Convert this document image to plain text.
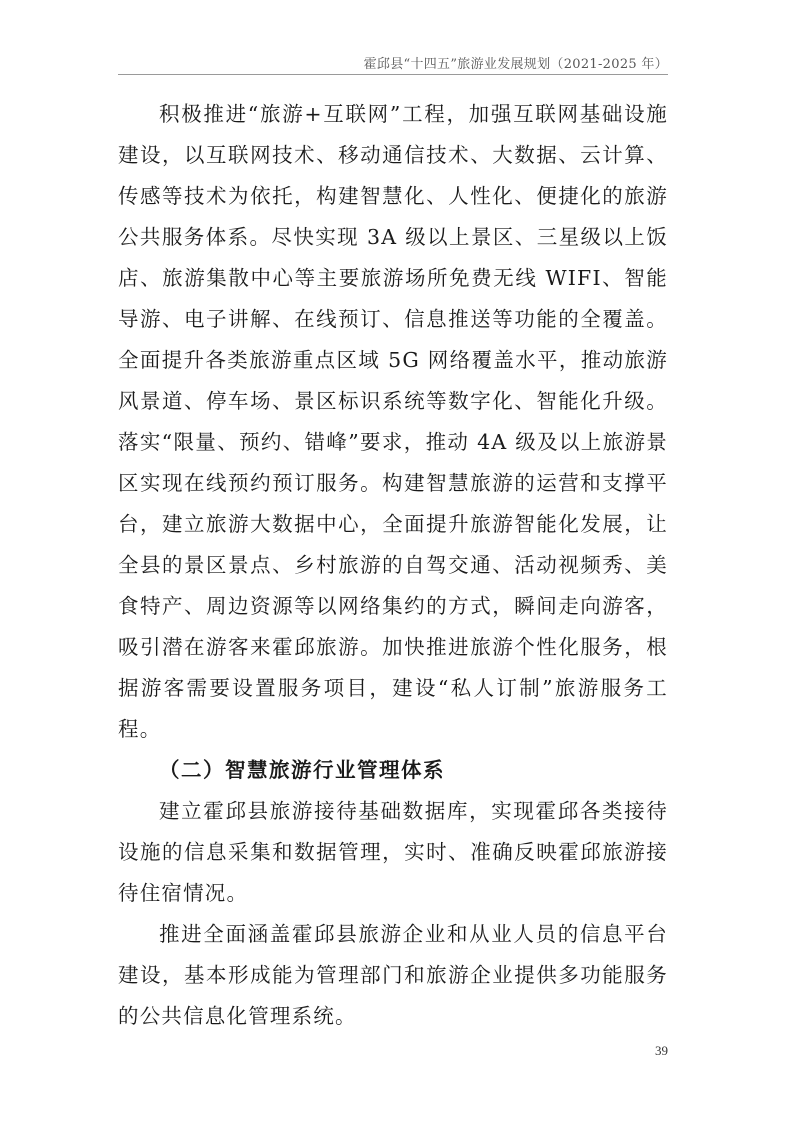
霍邱县“十四五”旅游业发展规划（2021-2025 年）

积极推进“旅游+互联网”工程，加强互联网基础设施建设，以互联网技术、移动通信技术、大数据、云计算、传感等技术为依托，构建智慧化、人性化、便捷化的旅游公共服务体系。尽快实现 3A 级以上景区、三星级以上饭店、旅游集散中心等主要旅游场所免费无线 WIFI、智能导游、电子讲解、在线预订、信息推送等功能的全覆盖。全面提升各类旅游重点区域 5G 网络覆盖水平，推动旅游风景道、停车场、景区标识系统等数字化、智能化升级。落实“限量、预约、错峰”要求，推动 4A 级及以上旅游景区实现在线预约预订服务。构建智慧旅游的运营和支撑平台，建立旅游大数据中心，全面提升旅游智能化发展，让全县的景区景点、乡村旅游的自驾交通、活动视频秀、美食特产、周边资源等以网络集约的方式，瞬间走向游客，吸引潜在游客来霍邱旅游。加快推进旅游个性化服务，根据游客需要设置服务项目，建设“私人订制”旅游服务工程。

（二）智慧旅游行业管理体系

建立霍邱县旅游接待基础数据库，实现霍邱各类接待设施的信息采集和数据管理，实时、准确反映霍邱旅游接待住宿情况。

推进全面涵盖霍邱县旅游企业和从业人员的信息平台建设，基本形成能为管理部门和旅游企业提供多功能服务的公共信息化管理系统。

39
